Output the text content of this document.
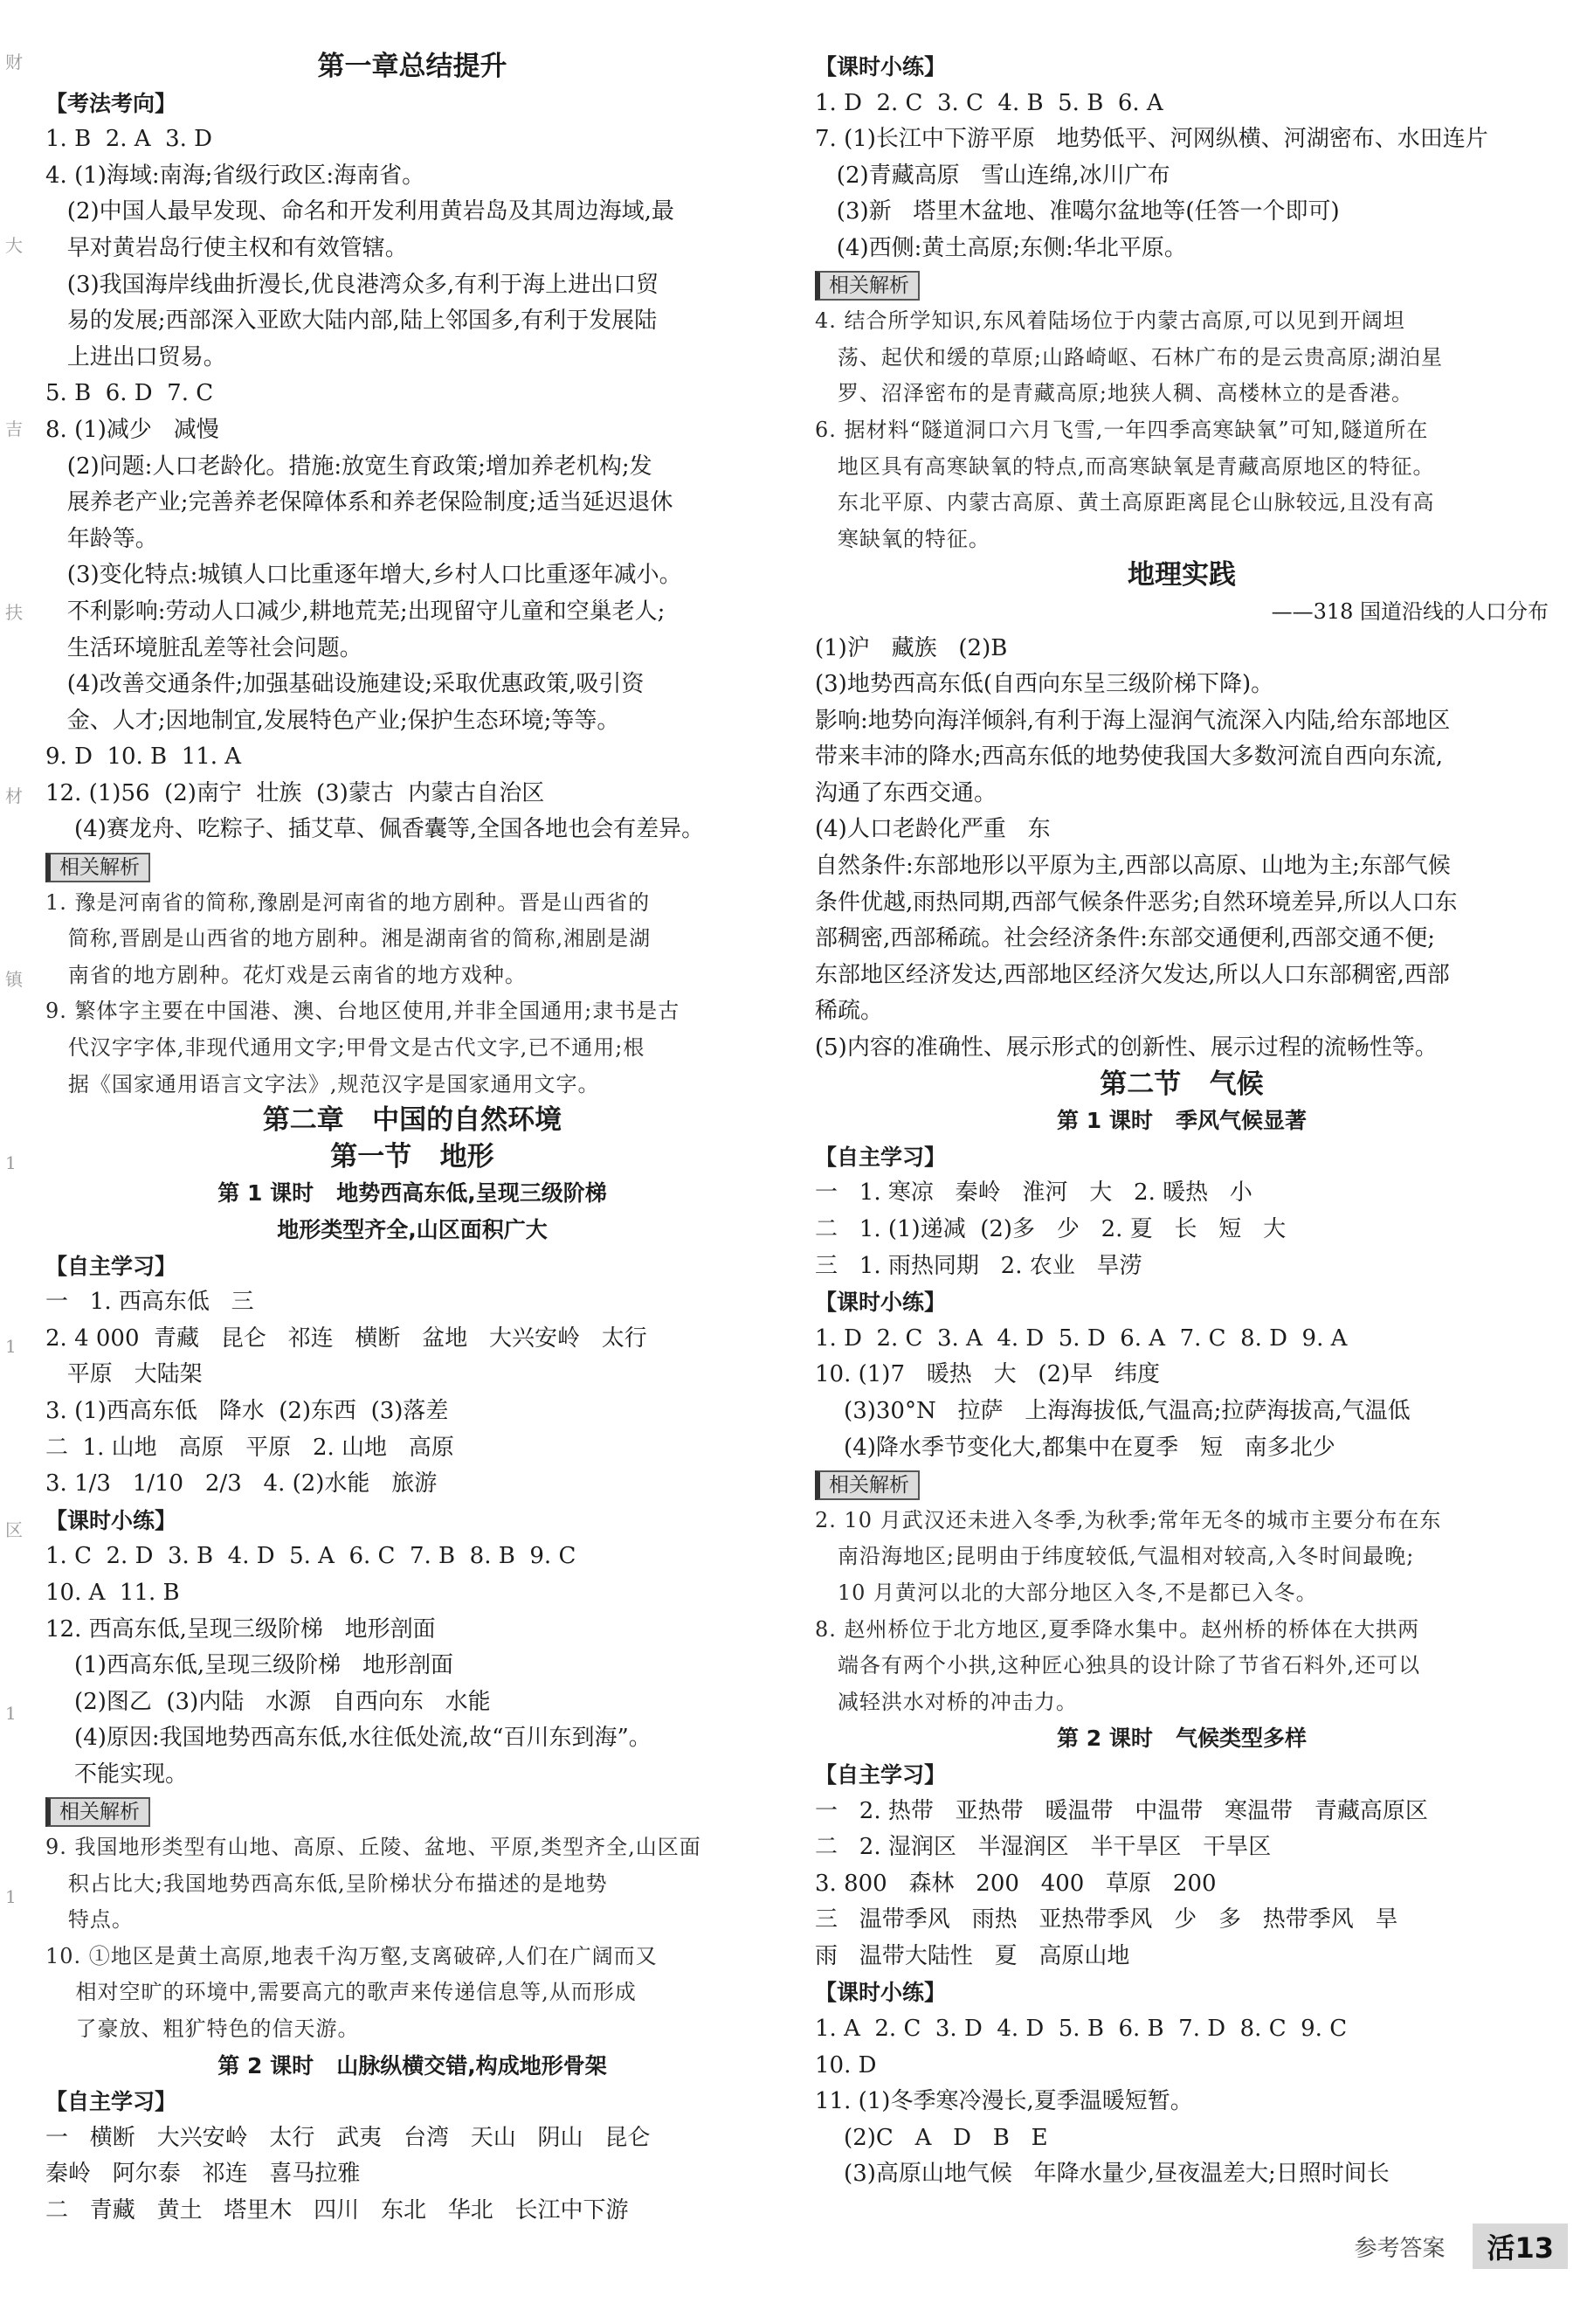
财
大
吉
扶
材
镇
1
1
区
1
1
第一章总结提升
【考法考向】
1. B  2. A  3. D
4. (1)海域:南海;省级行政区:海南省。
(2)中国人最早发现、命名和开发利用黄岩岛及其周边海域,最
早对黄岩岛行使主权和有效管辖。
(3)我国海岸线曲折漫长,优良港湾众多,有利于海上进出口贸
易的发展;西部深入亚欧大陆内部,陆上邻国多,有利于发展陆
上进出口贸易。
5. B  6. D  7. C
8. (1)减少   减慢
(2)问题:人口老龄化。措施:放宽生育政策;增加养老机构;发
展养老产业;完善养老保障体系和养老保险制度;适当延迟退休
年龄等。
(3)变化特点:城镇人口比重逐年增大,乡村人口比重逐年减小。
不利影响:劳动人口减少,耕地荒芜;出现留守儿童和空巢老人;
生活环境脏乱差等社会问题。
(4)改善交通条件;加强基础设施建设;采取优惠政策,吸引资
金、人才;因地制宜,发展特色产业;保护生态环境;等等。
9. D  10. B  11. A
12. (1)56  (2)南宁  壮族  (3)蒙古  内蒙古自治区
(4)赛龙舟、吃粽子、插艾草、佩香囊等,全国各地也会有差异。
相关解析
1. 豫是河南省的简称,豫剧是河南省的地方剧种。晋是山西省的
简称,晋剧是山西省的地方剧种。湘是湖南省的简称,湘剧是湖
南省的地方剧种。花灯戏是云南省的地方戏种。
9. 繁体字主要在中国港、澳、台地区使用,并非全国通用;隶书是古
代汉字字体,非现代通用文字;甲骨文是古代文字,已不通用;根
据《国家通用语言文字法》,规范汉字是国家通用文字。
第二章   中国的自然环境
第一节   地形
第 1 课时   地势西高东低,呈现三级阶梯
地形类型齐全,山区面积广大
【自主学习】
一   1. 西高东低   三
2. 4 000  青藏   昆仑   祁连   横断   盆地   大兴安岭   太行
平原   大陆架
3. (1)西高东低   降水  (2)东西  (3)落差
二  1. 山地   高原   平原   2. 山地   高原
3. 1/3   1/10   2/3   4. (2)水能   旅游
【课时小练】
1. C  2. D  3. B  4. D  5. A  6. C  7. B  8. B  9. C
10. A  11. B
12. 西高东低,呈现三级阶梯   地形剖面
(1)西高东低,呈现三级阶梯   地形剖面
(2)图乙  (3)内陆   水源   自西向东   水能
(4)原因:我国地势西高东低,水往低处流,故“百川东到海”。
不能实现。
相关解析
9. 我国地形类型有山地、高原、丘陵、盆地、平原,类型齐全,山区面
积占比大;我国地势西高东低,呈阶梯状分布描述的是地势
特点。
10. ①地区是黄土高原,地表千沟万壑,支离破碎,人们在广阔而又
相对空旷的环境中,需要高亢的歌声来传递信息等,从而形成
了豪放、粗犷特色的信天游。
第 2 课时   山脉纵横交错,构成地形骨架
【自主学习】
一   横断   大兴安岭   太行   武夷   台湾   天山   阴山   昆仑
秦岭   阿尔泰   祁连   喜马拉雅
二   青藏   黄土   塔里木   四川   东北   华北   长江中下游
【课时小练】
1. D  2. C  3. C  4. B  5. B  6. A
7. (1)长江中下游平原   地势低平、河网纵横、河湖密布、水田连片
(2)青藏高原   雪山连绵,冰川广布
(3)新   塔里木盆地、准噶尔盆地等(任答一个即可)
(4)西侧:黄土高原;东侧:华北平原。
相关解析
4. 结合所学知识,东风着陆场位于内蒙古高原,可以见到开阔坦
荡、起伏和缓的草原;山路崎岖、石林广布的是云贵高原;湖泊星
罗、沼泽密布的是青藏高原;地狭人稠、高楼林立的是香港。
6. 据材料“隧道洞口六月飞雪,一年四季高寒缺氧”可知,隧道所在
地区具有高寒缺氧的特点,而高寒缺氧是青藏高原地区的特征。
东北平原、内蒙古高原、黄土高原距离昆仑山脉较远,且没有高
寒缺氧的特征。
地理实践
——318 国道沿线的人口分布
(1)沪   藏族   (2)B
(3)地势西高东低(自西向东呈三级阶梯下降)。
影响:地势向海洋倾斜,有利于海上湿润气流深入内陆,给东部地区
带来丰沛的降水;西高东低的地势使我国大多数河流自西向东流,
沟通了东西交通。
(4)人口老龄化严重   东
自然条件:东部地形以平原为主,西部以高原、山地为主;东部气候
条件优越,雨热同期,西部气候条件恶劣;自然环境差异,所以人口东
部稠密,西部稀疏。社会经济条件:东部交通便利,西部交通不便;
东部地区经济发达,西部地区经济欠发达,所以人口东部稠密,西部
稀疏。
(5)内容的准确性、展示形式的创新性、展示过程的流畅性等。
第二节   气候
第 1 课时   季风气候显著
【自主学习】
一   1. 寒凉   秦岭   淮河   大   2. 暖热   小
二   1. (1)递减  (2)多   少   2. 夏   长   短   大
三   1. 雨热同期   2. 农业   旱涝
【课时小练】
1. D  2. C  3. A  4. D  5. D  6. A  7. C  8. D  9. A
10. (1)7   暖热   大   (2)早   纬度
(3)30°N   拉萨   上海海拔低,气温高;拉萨海拔高,气温低
(4)降水季节变化大,都集中在夏季   短   南多北少
相关解析
2. 10 月武汉还未进入冬季,为秋季;常年无冬的城市主要分布在东
南沿海地区;昆明由于纬度较低,气温相对较高,入冬时间最晚;
10 月黄河以北的大部分地区入冬,不是都已入冬。
8. 赵州桥位于北方地区,夏季降水集中。赵州桥的桥体在大拱两
端各有两个小拱,这种匠心独具的设计除了节省石料外,还可以
减轻洪水对桥的冲击力。
第 2 课时   气候类型多样
【自主学习】
一   2. 热带   亚热带   暖温带   中温带   寒温带   青藏高原区
二   2. 湿润区   半湿润区   半干旱区   干旱区
3. 800   森林   200   400   草原   200
三   温带季风   雨热   亚热带季风   少   多   热带季风   旱
雨   温带大陆性   夏   高原山地
【课时小练】
1. A  2. C  3. D  4. D  5. B  6. B  7. D  8. C  9. C
10. D
11. (1)冬季寒冷漫长,夏季温暖短暂。
(2)C   A   D   B   E
(3)高原山地气候   年降水量少,昼夜温差大;日照时间长
参考答案 活13
